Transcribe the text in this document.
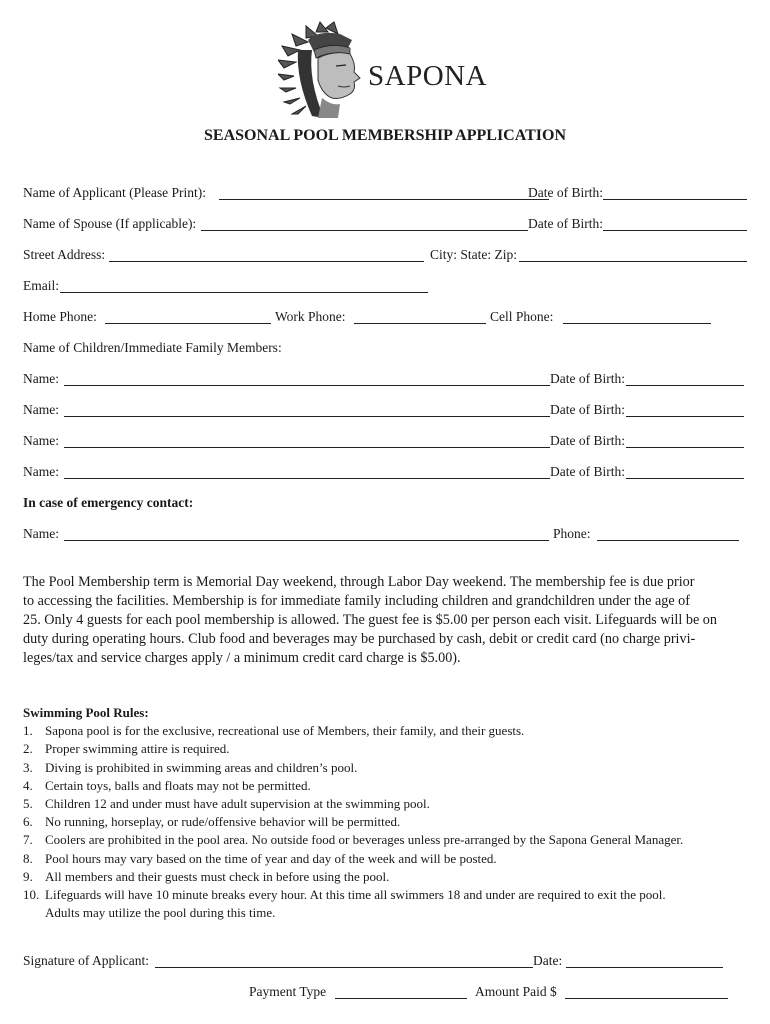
SAPONA
SEASONAL POOL MEMBERSHIP APPLICATION
Name of Applicant (Please Print):	Date of Birth:
Name of Spouse (If applicable):	Date of Birth:
Street Address:	City: State: Zip:
Email:
Home Phone:	Work Phone:	Cell Phone:
Name of Children/Immediate Family Members:
Name:	Date of Birth:
Name:	Date of Birth:
Name:	Date of Birth:
Name:	Date of Birth:
In case of emergency contact:
Name:	Phone:
The Pool Membership term is Memorial Day weekend, through Labor Day weekend. The membership fee is due prior
to accessing the facilities. Membership is for immediate family including children and grandchildren under the age of
25. Only 4 guests for each pool membership is allowed. The guest fee is $5.00 per person each visit. Lifeguards will be on
duty during operating hours. Club food and beverages may be purchased by cash, debit or credit card (no charge privi-
leges/tax and service charges apply / a minimum credit card charge is $5.00).
Swimming Pool Rules:
1. Sapona pool is for the exclusive, recreational use of Members, their family, and their guests.
2. Proper swimming attire is required.
3. Diving is prohibited in swimming areas and children’s pool.
4. Certain toys, balls and floats may not be permitted.
5. Children 12 and under must have adult supervision at the swimming pool.
6. No running, horseplay, or rude/offensive behavior will be permitted.
7. Coolers are prohibited in the pool area. No outside food or beverages unless pre-arranged by the Sapona General Manager.
8. Pool hours may vary based on the time of year and day of the week and will be posted.
9. All members and their guests must check in before using the pool.
10. Lifeguards will have 10 minute breaks every hour. At this time all swimmers 18 and under are required to exit the pool.
Adults may utilize the pool during this time.
Signature of Applicant:	Date:
Payment Type	Amount Paid $
